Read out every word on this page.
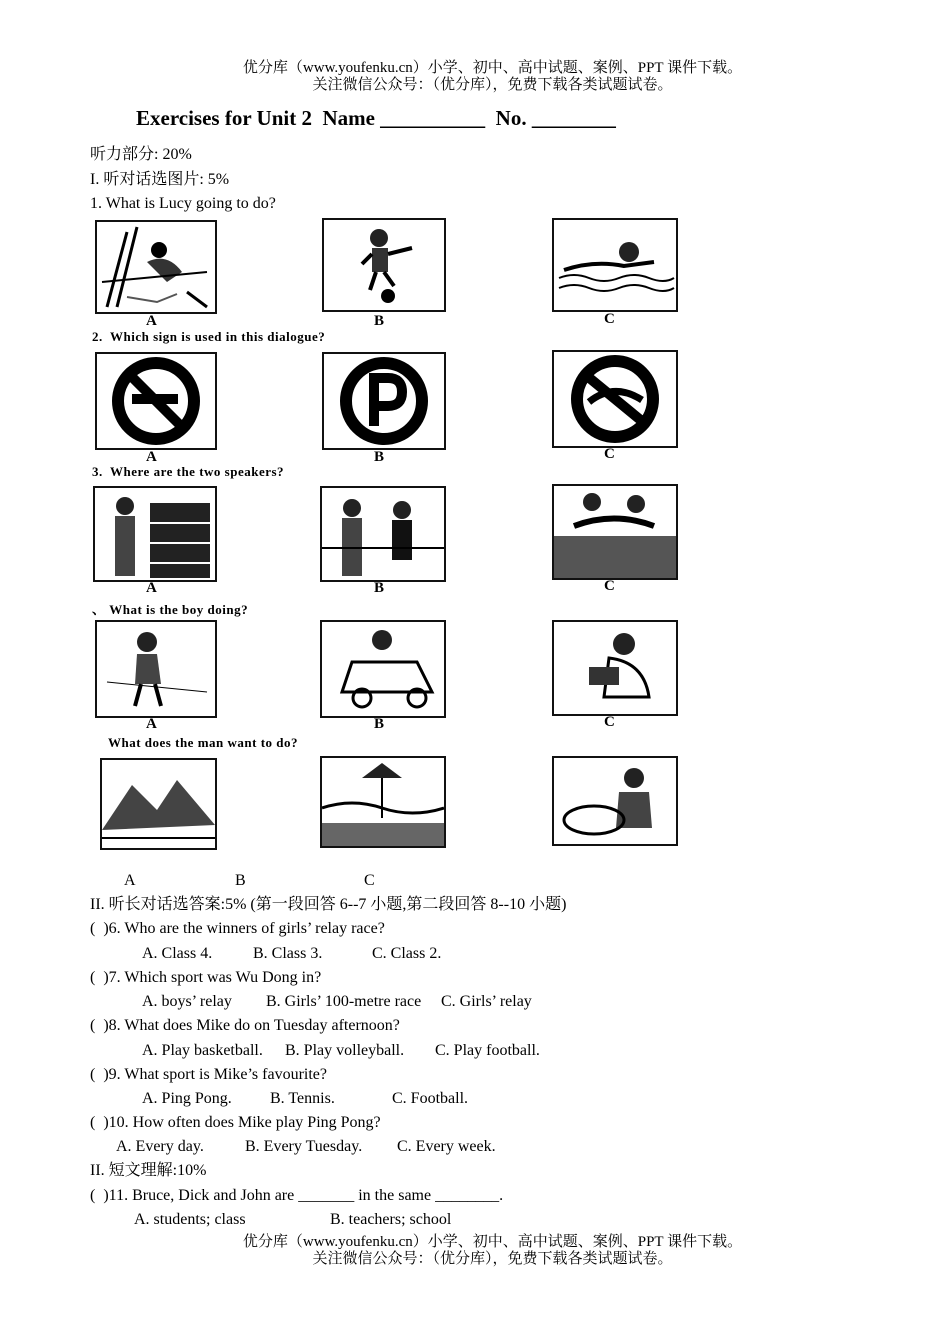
优分库（www.youfenku.cn）小学、初中、高中试题、案例、PPT 课件下载。
关注微信公众号：（优分库），免费下载各类试题试卷。
Exercises for Unit 2  Name __________  No. ________
听力部分: 20%
I. 听对话选图片: 5%
1. What is Lucy going to do?
A	B	C
2.  Which sign is used in this dialogue?
A	B	C
3.  Where are the two speakers?
A	B	C
、 What is the boy doing?
A	B	C
What does the man want to do?
A	B	C
II. 听长对话选答案:5% (第一段回答 6--7 小题,第二段回答 8--10 小题)
(  )6. Who are the winners of girls’ relay race?
A. Class 4.	B. Class 3.	C. Class 2.
(  )7. Which sport was Wu Dong in?
A. boys’ relay B. Girls’ 100-metre race C. Girls’ relay
(  )8. What does Mike do on Tuesday afternoon?
A. Play basketball. B. Play volleyball. C. Play football.
(  )9. What sport is Mike’s favourite?
A. Ping Pong. B. Tennis.	C. Football.
(  )10. How often does Mike play Ping Pong?
A. Every day.	B. Every Tuesday. C. Every week.
II. 短文理解:10%
(  )11. Bruce, Dick and John are _______ in the same ________.
A. students; class	B. teachers; school
优分库（www.youfenku.cn）小学、初中、高中试题、案例、PPT 课件下载。
关注微信公众号：（优分库），免费下载各类试题试卷。
